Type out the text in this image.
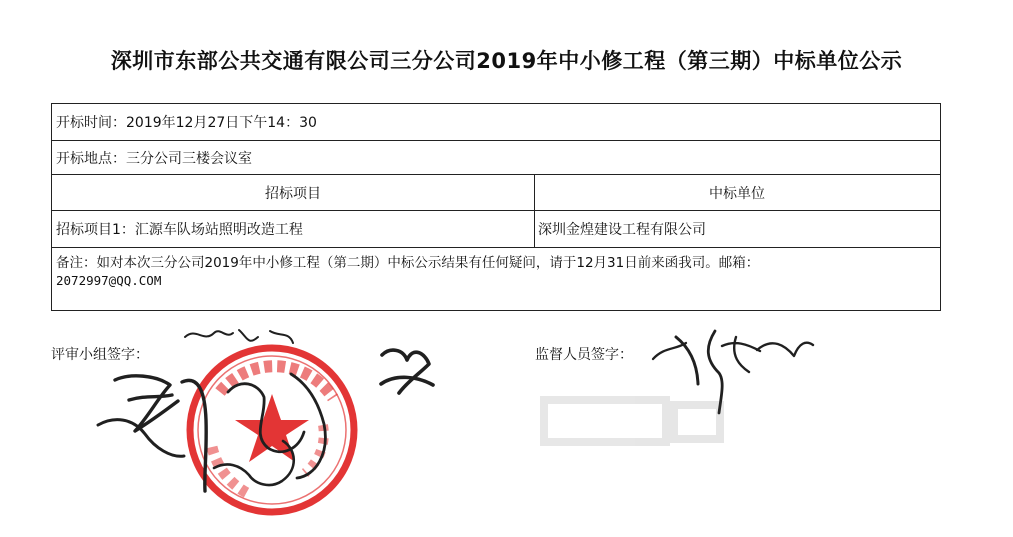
深圳市东部公共交通有限公司三分公司2019年中小修工程（第三期）中标单位公示
开标时间：2019年12月27日下午14：30
开标地点：三分公司三楼会议室
招标项目	中标单位
招标项目1：汇源车队场站照明改造工程	深圳金煌建设工程有限公司
备注：如对本次三分公司2019年中小修工程（第二期）中标公示结果有任何疑问，请于12月31日前来函我司。邮箱：
2072997@QQ.COM
评审小组签字：	监督人员签字：
